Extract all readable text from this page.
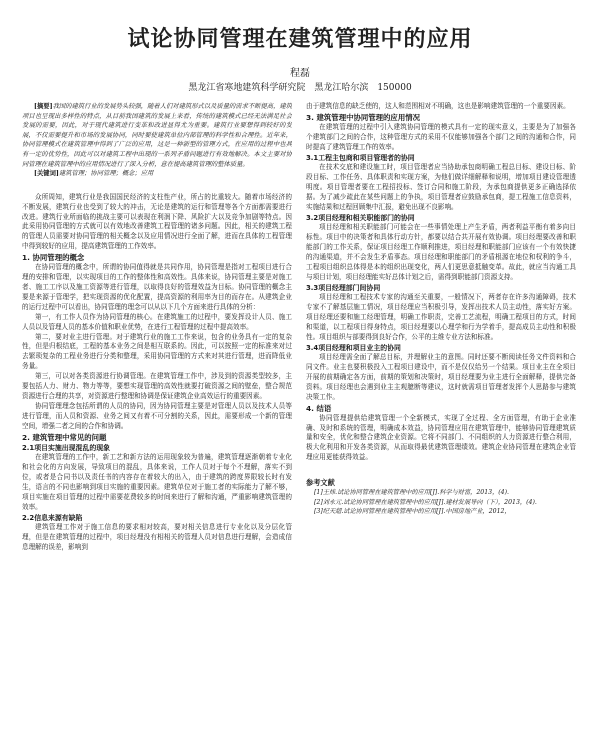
试论协同管理在建筑管理中的应用
程磊
黑龙江省寒地建筑科学研究院　黑龙江哈尔滨　150000
[摘要]我国的建筑行业的发展势头较强，随着人们对建筑形式以及质量的需求不断提高，建筑项目也呈现出多样性的特点，从目前我国建筑的发展上来看，传统的建筑模式已经无法满足社会发展的需要，因此，对于现代建筑进行变革和改进显得尤为重要。建筑行业要想得到较好的发展，不仅需要提升和市场的发展协同，同时要使建筑单位内部管理的科学性和合理性。近年来，协同管理模式在建筑管理中得到了广泛的应用，这是一种新型的管理方式，在应用的过程中也具有一定的优势性，因此可以对建筑工程中出现的一系列矛盾问题进行有效地解决。本文主要对协同管理在建筑管理中的应用情况进行了深入分析，意在提高建筑管理的整体质量。
[关键词]建筑管理；协同管理；概念；应用

众所周知，建筑行业是我国国民经济的支柱性产业，所占的比重较大。随着市场经济的不断发展，建筑行业也受到了较大的冲击，无论是建筑的运行和管理等各个方面都需要进行改进。建筑行业所面临的挑战主要可以表现在利润下降、风险扩大以及竞争加剧等特点。因此采用协同管理的方式就可以有效地改善建筑工程管理的诸多问题。因此，相关的建筑工程的管理人员需要对协同管理的相关概念以及应用情况进行全面了解，进而在具体的工程管理中得到较好的应用，提高建筑管理的工作效率。

1. 协同管理的概念

在协同管理的概念中，所谓的协同值得就是共同作用，协同管理是指对工程项目进行合理的安排和管理，以实现项目的工作的整体性和高效性。具体来说，协同管理主要是对施工者、施工工序以及施工资源等进行管理，以取得良好的管理效益为目标。协同管理的概念主要是来源于管理学，把实现资源的优化配置，提高资源的利用率为目的而存在。从建筑企业的运行过程中可以看出，协同管理的理念可以从以下几个方面来进行具体的分析：

第一，有工作人员作为协同管理的核心。在建筑施工的过程中，要发挥设计人员、施工人员以及管理人员的基本价值和职业优势，在进行工程管理的过程中提高效率。

第二，要对业主进行管理。对于建筑行业的施工工作来说，包含的业务具有一定的复杂性，但是归根结底，工程的基本业务之间是相互联系的。因此，可以按照一定的标准来对过去繁琐复杂的工程业务进行分类和整理，采用协同管理的方式来对其进行管理，进而降低业务量。

第三，可以对各类资源进行协调管理。在建筑管理工作中，涉及到的资源类型较多，主要包括人力、财力、物力等等，要想实现管理的高效性就要打破资源之间的壁垒，整合规范资源进行合理的共享，对资源进行整理和协调是保证建筑企业高效运行的重要因素。

协同管理理念包括所谓的人员的协同，因为协同管理主要是对管理人员以及技术人员等进行管理，而人员和资源、业务之间又有着不可分割的关系，因此，需要形成一个新的管理空间，增强二者之间的合作和协调。

2. 建筑管理中常见的问题
2.1项目实施出现混乱的现象

在建筑管理的工作中，新工艺和新方法的运用现象较为普遍，建筑管理逐渐朝着专业化和社会化的方向发展，导致项目的混乱，具体来说，工作人员对于每个不理解，落实不到位，或者是合同书以及责任书的内容存在着较大的出入，由于建筑的跨度界限较长时有发生，语言的不同也影响到项目实施的重要因素。建筑单位对于施工者的实际能力了解不够，项目实施在项目管理的过程中需要花费较多的时间来进行了解和沟通，严重影响建筑管理的效率。

2.2信息来源有缺陷

建筑管理工作对于施工信息的要求相对较高，要对相关信息进行专业化以及分层化管理，但是在建筑管理的过程中，项目经理没有相相关的管理人员对信息进行理解，会造成信息理解的误差，影响到

由于建筑信息的缺乏使的，这人和范围相对不明确，这也是影响建筑管理的一个重要因素。

3. 建筑管理中协同管理的应用情况

在建筑管理的过程中引入建筑协同管理的模式具有一定的现实意义，主要是为了加强各个建筑部门之间的合作，这种管理方式的采用不仅能够加强各个部门之间的沟通和合作，同时提高了建筑管理工作的效率。

3.1工程主包商和项目管理者的协同

在技术交底和建设施工时，项目管理者应当协助承包商明确工程总目标、建设目标、阶段目标、工作任务、具体职责和实现方案，为他们做详细解释和说明，增加项目建设管理透明度。项目管理者要在工程招投标、签订合同和施工阶段，为承包商提供更多正确选择依据。为了减少疏此在某些问题上的争执，项目管理者应鼓励承包商，提工程施工信息资料，实施结果和过程回顾集中汇报，避免出现不良影响。

3.2项目经理和相关职能部门的协同

项目经理和相关职能部门可能会在一些事情处理上产生矛盾，两者利益平衡有着多向目标性。项目中的决策者和具体行动方针，都要以结合共开展有效协调。项目经理要改善和职能部门的工作关系，保证项目经理工作顺利推进，项目经理和职能部门应该有一个有效快捷的沟通渠道，并不会发生矛盾事态。项目经理和职能部门的矛盾根源在地位和权利的争斗，工程项目组织总体得是本的组织出现变化，两人们更思意抵触变革。故此，就应当沟通工具与项目计划，项目经理能实好总体计划之后，需得到职能部门资源支持。

3.3项目经理部门间协同

项目经理和工程技术专家的沟通至关重要，一般情况下，两者存在许多沟通障碍，技术专家不了解基层施工情况，项目经理应当积极引导，发挥出技术人员主动性，落实好方案。项目经理还要和施工经理管理，明确工作职责，完善工艺流程，明确工程项目的方式，时间和渠道，以工程项目得身特点，项目经理要以心理学和行为学着手，提高成员主动性和积极性。项目组织与部要得到良好合作，公平的主维专业方法和标准。

3.4项目经理和项目业主的协同

项目经理需全面了解总目标，并理解业主的意图。同时还要不断阅读任务文件资料和合同文件。业主也要积极投入工程项目建设中，而不是仅仅给另一个结果。项目业主在全项目开展的前期确定各方面，前期的策划和决策时，项目经理要为业主进行全面解释，提供完备资料。项目经理也会遇到业主主观臆断等建议，这时就需项目管理者发挥个人思路参与建筑决策工作。

4. 结语

协同管理提供给建筑管理一个全新模式，实现了全过程、全方面管理，有助于企业准确、及时和系统的管理，明确成本效益，协同管理应用在建筑管理中，能够协同管理建筑质量和安全，优化和整合建筑企业资源。它将不同部门、不同组织的人力资源进行整合利用，极大化利用和开发各类资源，从而取得最优建筑管理绩效。建筑企业协同管理在建筑企业管理应用更能获得效益。

参考文献
[1]王炜.试论协同管理在建筑管理中的应用[J].科学与财富，2013，(4).
[2]刘永元.试论协同管理在建筑管理中的应用[J].建材发展导向（下），2013，(4).
[3]纪天超.试论协同管理在建筑管理中的应用[J].中国房地产业，2012，
